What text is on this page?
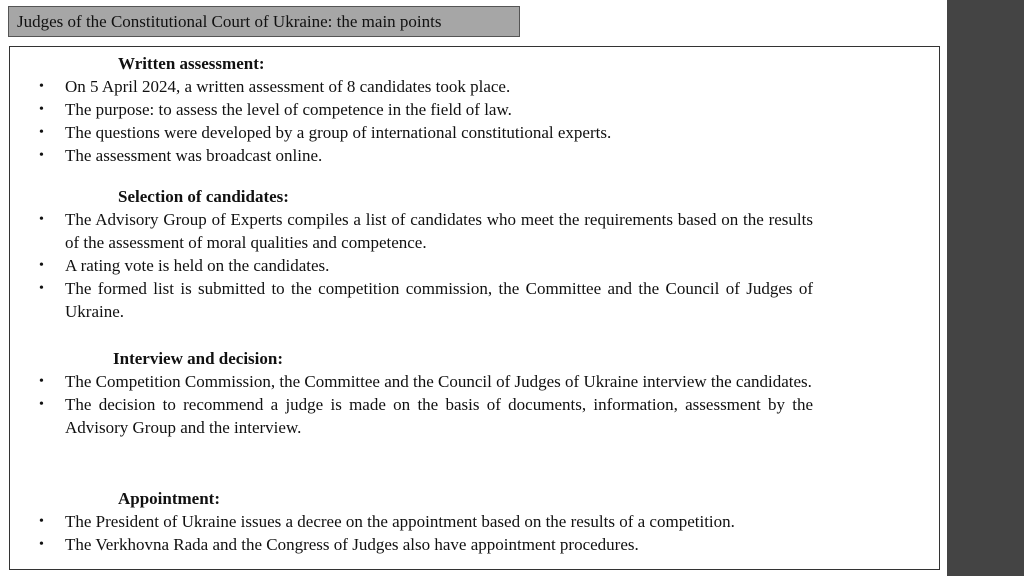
Judges of the Constitutional Court of Ukraine: the main points
Written assessment:
• On 5 April 2024, a written assessment of 8 candidates took place.
• The purpose: to assess the level of competence in the field of law.
• The questions were developed by a group of international constitutional experts.
• The assessment was broadcast online.
Selection of candidates:
• The Advisory Group of Experts compiles a list of candidates who meet the requirements based on the results of the assessment of moral qualities and competence.
• A rating vote is held on the candidates.
• The formed list is submitted to the competition commission, the Committee and the Council of Judges of Ukraine.
Interview and decision:
• The Competition Commission, the Committee and the Council of Judges of Ukraine interview the candidates.
• The decision to recommend a judge is made on the basis of documents, information, assessment by the Advisory Group and the interview.
Appointment:
• The President of Ukraine issues a decree on the appointment based on the results of a competition.
• The Verkhovna Rada and the Congress of Judges also have appointment procedures.
